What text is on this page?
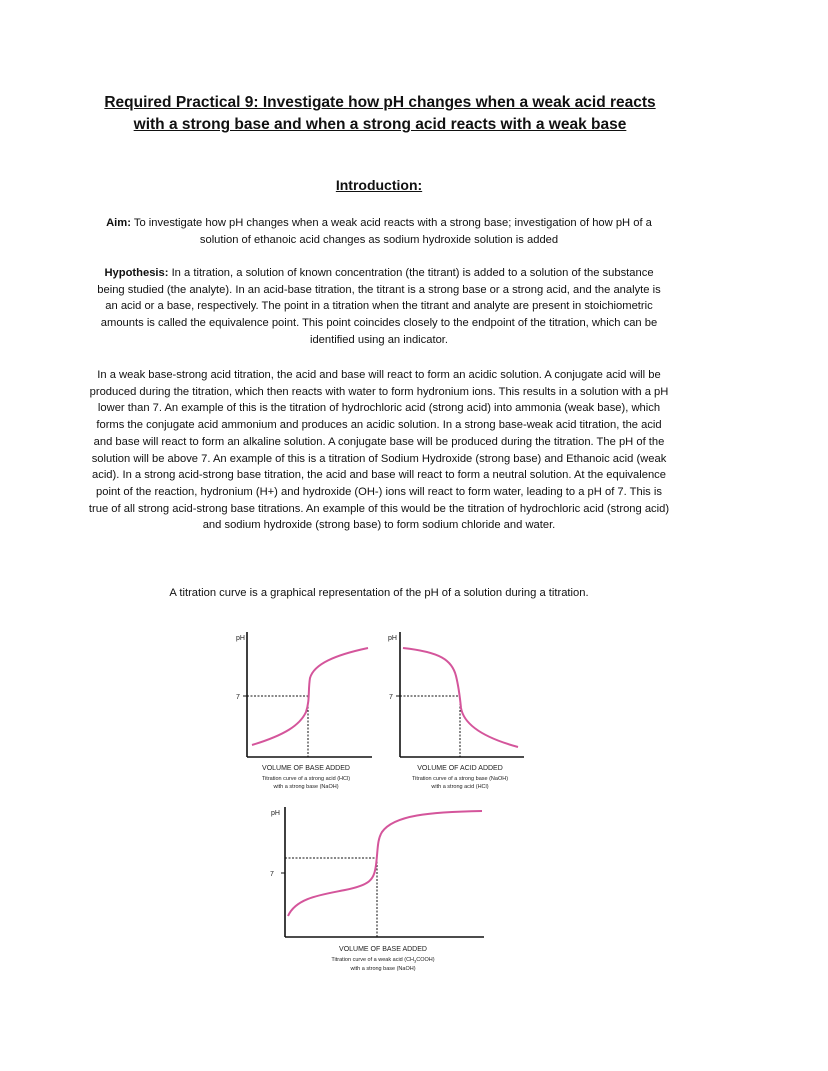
Required Practical 9: Investigate how pH changes when a weak acid reacts with a strong base and when a strong acid reacts with a weak base
Introduction:
Aim: To investigate how pH changes when a weak acid reacts with a strong base; investigation of how pH of a solution of ethanoic acid changes as sodium hydroxide solution is added
Hypothesis: In a titration, a solution of known concentration (the titrant) is added to a solution of the substance being studied (the analyte). In an acid-base titration, the titrant is a strong base or a strong acid, and the analyte is an acid or a base, respectively. The point in a titration when the titrant and analyte are present in stoichiometric amounts is called the equivalence point. This point coincides closely to the endpoint of the titration, which can be identified using an indicator.
In a weak base-strong acid titration, the acid and base will react to form an acidic solution. A conjugate acid will be produced during the titration, which then reacts with water to form hydronium ions. This results in a solution with a pH lower than 7. An example of this is the titration of hydrochloric acid (strong acid) into ammonia (weak base), which forms the conjugate acid ammonium and produces an acidic solution. In a strong base-weak acid titration, the acid and base will react to form an alkaline solution. A conjugate base will be produced during the titration. The pH of the solution will be above 7. An example of this is a titration of Sodium Hydroxide (strong base) and Ethanoic acid (weak acid). In a strong acid-strong base titration, the acid and base will react to form a neutral solution. At the equivalence point of the reaction, hydronium (H+) and hydroxide (OH-) ions will react to form water, leading to a pH of 7. This is true of all strong acid-strong base titrations. An example of this would be the titration of hydrochloric acid (strong acid) and sodium hydroxide (strong base) to form sodium chloride and water.
A titration curve is a graphical representation of the pH of a solution during a titration.
pH
7
VOLUME OF BASE ADDED
Titration curve of a strong acid (HCl)
with a strong base (NaOH)
pH
7
VOLUME OF ACID ADDED
Titration curve of a strong base (NaOH)
with a strong acid (HCl)
pH
7
VOLUME OF BASE ADDED
Titration curve of a weak acid $(CH_3COOH)$
with a strong base (NaOH)
